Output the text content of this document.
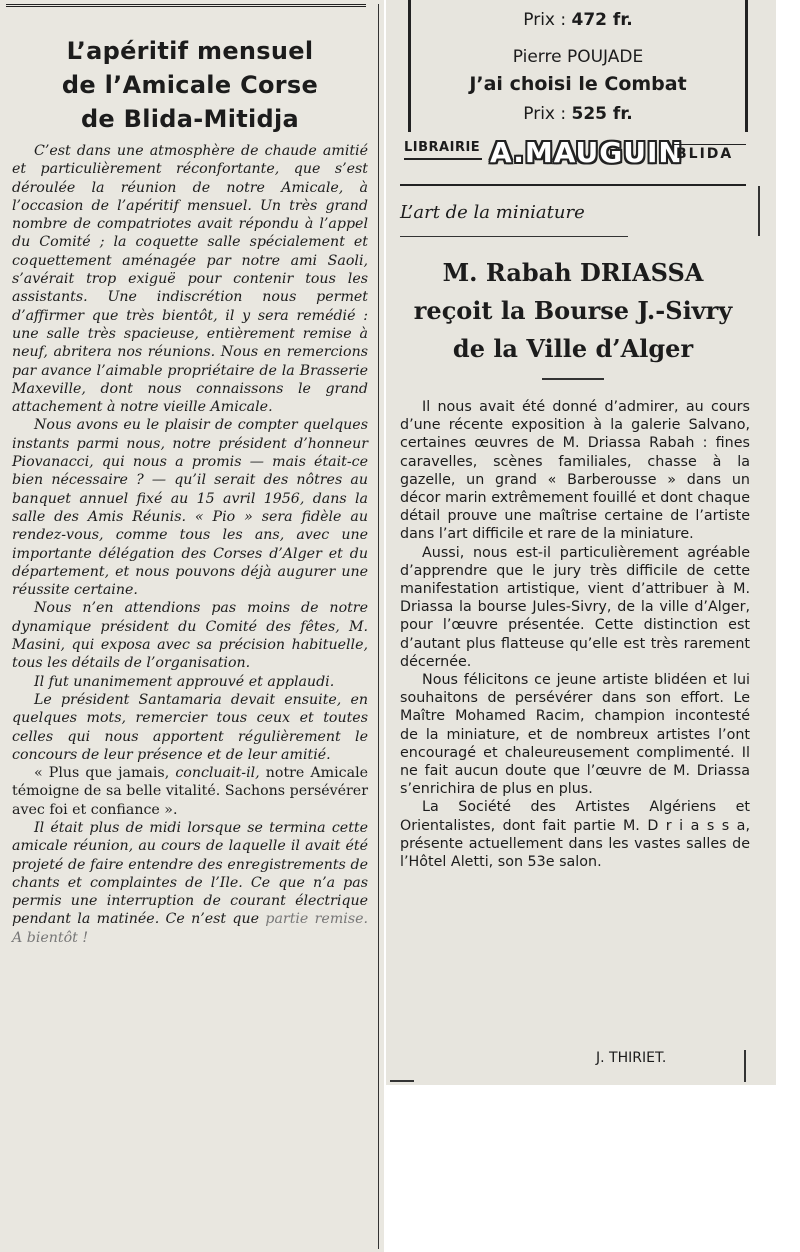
L’apéritif mensuel
de l’Amicale Corse
de Blida-Mitidja

C’est dans une atmosphère de chaude amitié et particulièrement réconfortante, que s’est déroulée la réunion de notre Amicale, à l’occasion de l’apéritif mensuel. Un très grand nombre de compatriotes avait répondu à l’appel du Comité ; la coquette salle spécialement et coquettement aménagée par notre ami Saoli, s’avérait trop exiguë pour contenir tous les assistants. Une indiscrétion nous permet d’affirmer que très bientôt, il y sera remédié : une salle très spacieuse, entièrement remise à neuf, abritera nos réunions. Nous en remercions par avance l’aimable propriétaire de la Brasserie Maxeville, dont nous connaissons le grand attachement à notre vieille Amicale.

Nous avons eu le plaisir de compter quelques instants parmi nous, notre président d’honneur Piovanacci, qui nous a promis — mais était-ce bien nécessaire ? — qu’il serait des nôtres au banquet annuel fixé au 15 avril 1956, dans la salle des Amis Réunis. « Pio » sera fidèle au rendez-vous, comme tous les ans, avec une importante délégation des Corses d’Alger et du département, et nous pouvons déjà augurer une réussite certaine.

Nous n’en attendions pas moins de notre dynamique président du Comité des fêtes, M. Masini, qui exposa avec sa précision habituelle, tous les détails de l’organisation.

Il fut unanimement approuvé et applaudi.

Le président Santamaria devait ensuite, en quelques mots, remercier tous ceux et toutes celles qui nous apportent régulièrement le concours de leur présence et de leur amitié.

« Plus que jamais, concluait-il, notre Amicale témoigne de sa belle vitalité. Sachons persévérer avec foi et confiance ».

Il était plus de midi lorsque se termina cette amicale réunion, au cours de laquelle il avait été projeté de faire entendre des enregistrements de chants et complaintes de l’Ile. Ce que n’a pas permis une interruption de courant électrique pendant la matinée. Ce n’est que partie remise. A bientôt !

Prix : 472 fr.
Pierre POUJADE
J’ai choisi le Combat
Prix : 525 fr.
LIBRAIRIE A.MAUGUIN
BLIDA
L’art de la miniature
M. Rabah DRIASSA
reçoit la Bourse J.-Sivry
de la Ville d’Alger

Il nous avait été donné d’admirer, au cours d’une récente exposition à la galerie Salvano, certaines œuvres de M. Driassa Rabah : fines caravelles, scènes familiales, chasse à la gazelle, un grand « Barberousse » dans un décor marin extrêmement fouillé et dont chaque détail prouve une maîtrise certaine de l’artiste dans l’art difficile et rare de la miniature.

Aussi, nous est-il particulièrement agréable d’apprendre que le jury très difficile de cette manifestation artistique, vient d’attribuer à M. Driassa la bourse Jules-Sivry, de la ville d’Alger, pour l’œuvre présentée. Cette distinction est d’autant plus flatteuse qu’elle est très rarement décernée.

Nous félicitons ce jeune artiste blidéen et lui souhaitons de persévérer dans son effort. Le Maître Mohamed Racim, champion incontesté de la miniature, et de nombreux artistes l’ont encouragé et chaleureusement complimenté. Il ne fait aucun doute que l’œuvre de M. Driassa s’enrichira de plus en plus.

La Société des Artistes Algériens et Orientalistes, dont fait partie M. D r i a s s a, présente actuellement dans les vastes salles de l’Hôtel Aletti, son 53e salon.

J. THIRIET.
